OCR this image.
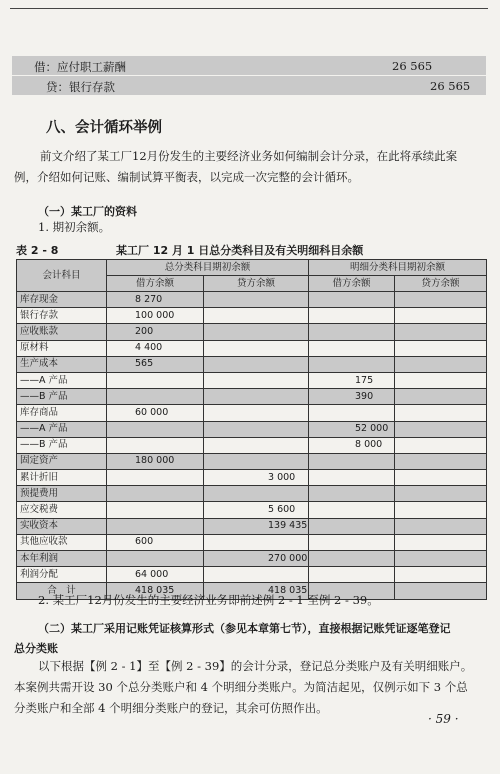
借：应付职工薪酬	26 565
贷：银行存款	26 565
八、会计循环举例
前文介绍了某工厂12月份发生的主要经济业务如何编制会计分录，在此将承续此案
例，介绍如何记账、编制试算平衡表，以完成一次完整的会计循环。
（一）某工厂的资料
1. 期初余额。
表 2 - 8	某工厂 12 月 1 日总分类科目及有关明细科目余额
会计科目	总分类科目期初余额		明细分类科目期初余额	
	借方余额	贷方余额	借方余额	贷方余额
库存现金	8 270			
银行存款	100 000			
应收账款	200			
原材料	4 400			
生产成本	565			
——A 产品			175	
——B 产品			390	
库存商品	60 000			
——A 产品			52 000	
——B 产品			8 000	
固定资产	180 000			
累计折旧		3 000		
预提费用				
应交税费		5 600		
实收资本		139 435		
其他应收款	600			
本年利润		270 000		
利润分配	64 000			
合　计	418 035	418 035		
2. 某工厂12月份发生的主要经济业务即前述例 2 - 1 至例 2 - 39。
（二）某工厂采用记账凭证核算形式（参见本章第七节），直接根据记账凭证逐笔登记
总分类账
以下根据【例 2 - 1】至【例 2 - 39】的会计分录，登记总分类账户及有关明细账户。
本案例共需开设 30 个总分类账户和 4 个明细分类账户。为简洁起见，仅例示如下 3 个总
分类账户和全部 4 个明细分类账户的登记，其余可仿照作出。
· 59 ·
